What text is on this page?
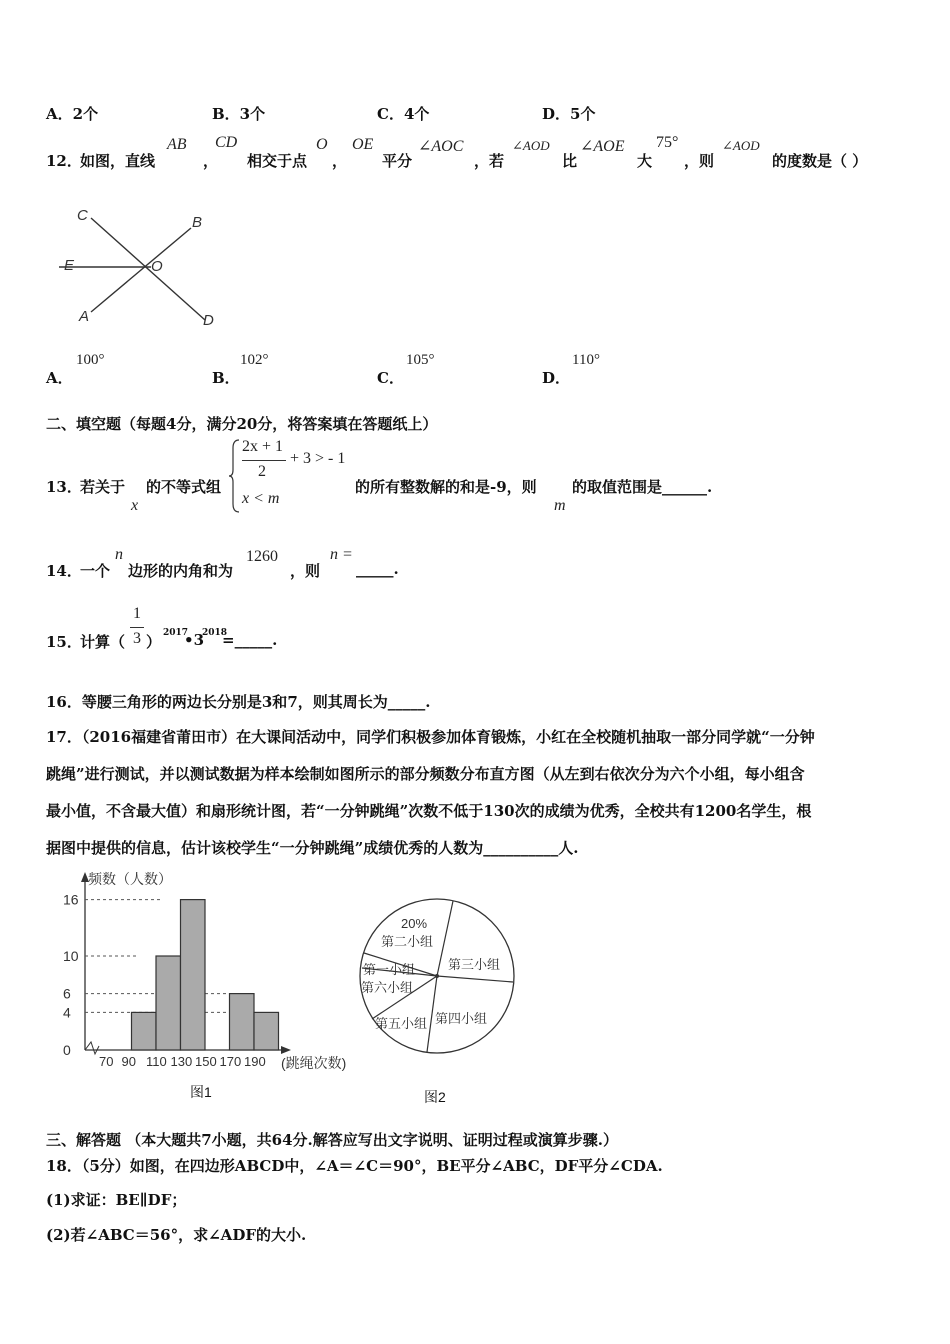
A．2个	B．3个	C．4个	D．5个
12．
如图，直线
AB
，
CD
相交于点
O
，
OE
平分
∠AOC
，若
∠AOD
比
∠AOE
大
75°
，则
∠AOD
的度数是（ ）
C	B
E	O
A	D
A．
100°
B．
102°
C．
105°
D．
110°
二、填空题（每题4分，满分20分，将答案填在答题纸上）
13．
若关于
x
的不等式组
2x + 1
2
+ 3 > - 1
x < m
的所有整数解的和是-9，则
m
的取值范围是______.
14．
一个
n
边形的内角和为
1260
，则
n =
_____.
15．
计算（
1
3 ） 2017
•3
2018
=_____.
16．等腰三角形的两边长分别是3和7，则其周长为_____.
17．（2016福建省莆田市）在大课间活动中，同学们积极参加体育锻炼，小红在全校随机抽取一部分同学就“一分钟
跳绳”进行测试，并以测试数据为样本绘制如图所示的部分频数分布直方图（从左到右依次分为六个小组，每小组含
最小值，不含最大值）和扇形统计图，若“一分钟跳绳”次数不低于130次的成绩为优秀，全校共有1200名学生，根
据图中提供的信息，估计该校学生“一分钟跳绳”成绩优秀的人数为__________人.
频数（人数）
(跳绳次数)
0
4
6
10
16
70 90 110 130 150 170 190
图1
20%
第二小组
第三小组
第四小组
第五小组
第六小组
第一小组
图2
三、解答题 （本大题共7小题，共64分.解答应写出文字说明、证明过程或演算步骤.）
18．（5分）如图，在四边形ABCD中，∠A＝∠C＝90°，BE平分∠ABC，DF平分∠CDA.
(1)求证：BE∥DF；
(2)若∠ABC＝56°，求∠ADF的大小.
